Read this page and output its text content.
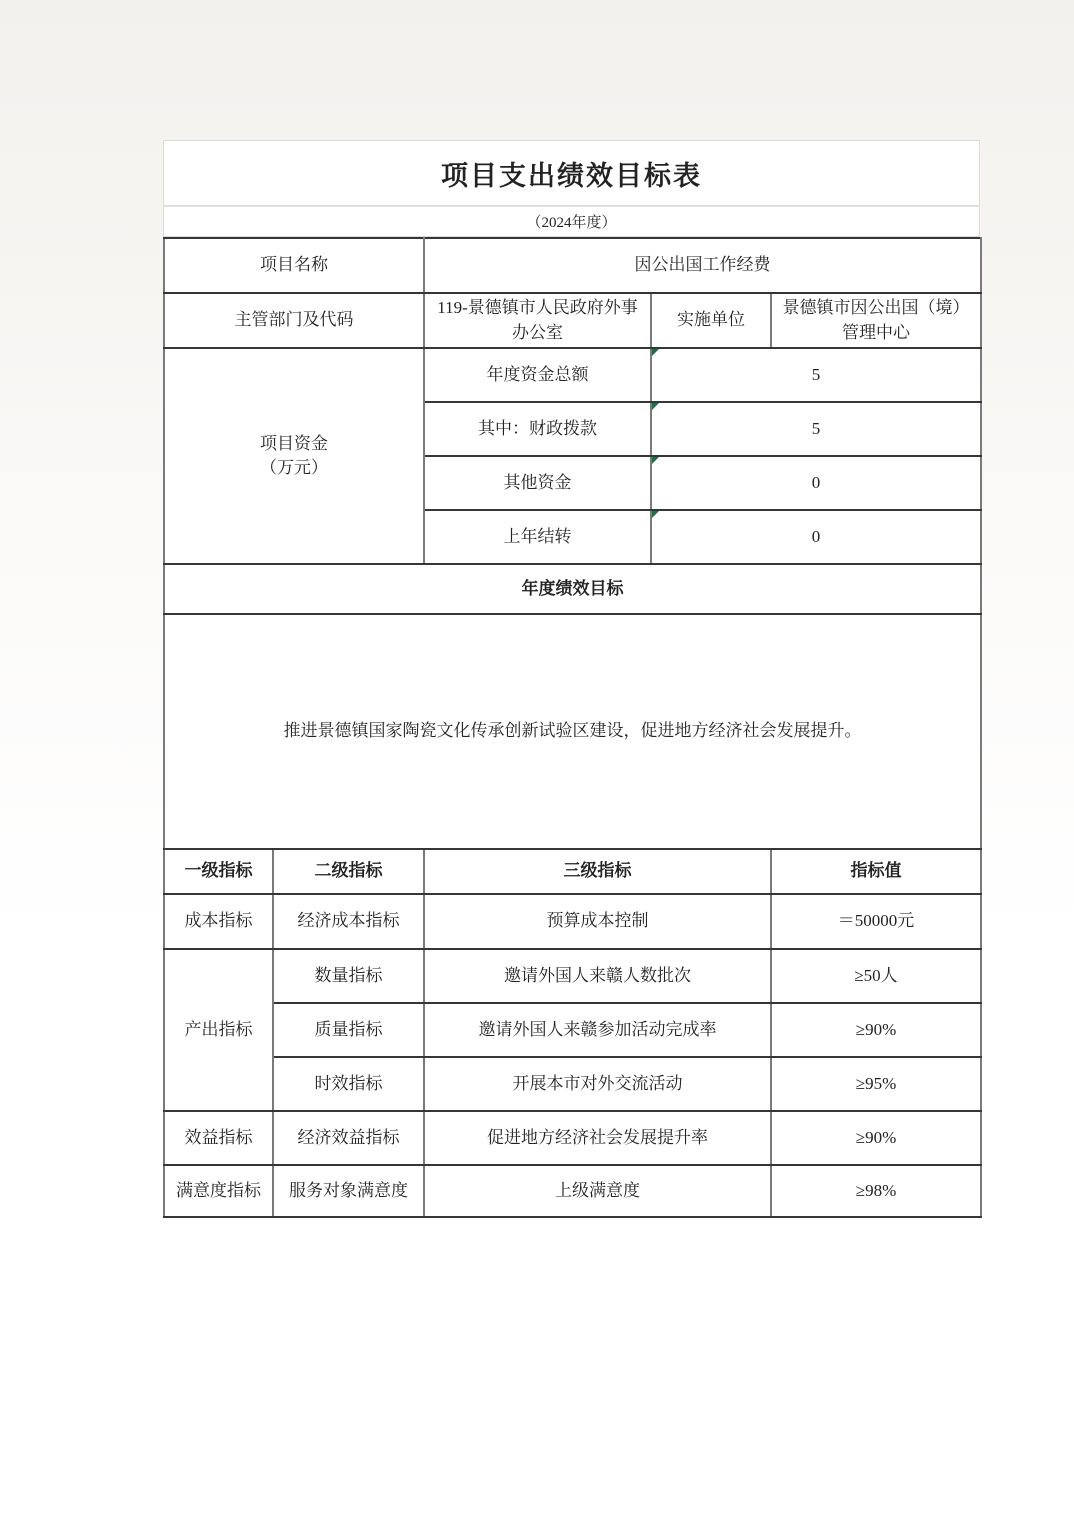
项目支出绩效目标表
（2024年度）
项目名称		因公出国工作经费		
主管部门及代码		119-景德镇市人民政府外事办公室	实施单位	景德镇市因公出国（境）管理中心
项目资金
（万元）		年度资金总额	5	
		其中：财政拨款	5	
		其他资金	0	
		上年结转	0	
年度绩效目标				
推进景德镇国家陶瓷文化传承创新试验区建设，促进地方经济社会发展提升。				
一级指标	二级指标	三级指标		指标值
成本指标	经济成本指标	预算成本控制		＝50000元
产出指标	数量指标	邀请外国人来赣人数批次		≥50人
	质量指标	邀请外国人来赣参加活动完成率		≥90%
	时效指标	开展本市对外交流活动		≥95%
效益指标	经济效益指标	促进地方经济社会发展提升率		≥90%
满意度指标	服务对象满意度	上级满意度		≥98%
